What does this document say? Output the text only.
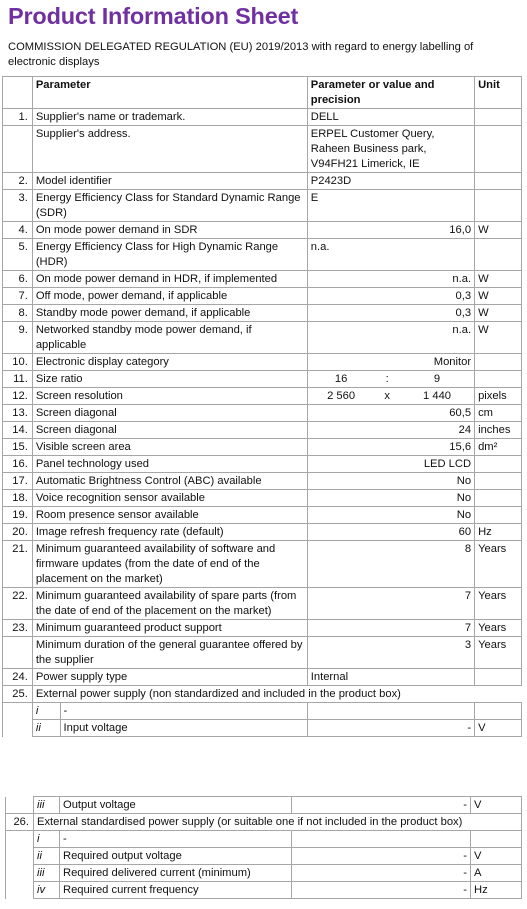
Product Information Sheet
COMMISSION DELEGATED REGULATION (EU) 2019/2013 with regard to energy labelling of electronic displays
	Parameter		Parameter or value and precision			Unit
1.	Supplier's name or trademark.		DELL			
	Supplier's address.		ERPEL Customer Query, Raheen Business park, V94FH21 Limerick, IE			
2.	Model identifier		P2423D			
3.	Energy Efficiency Class for Standard Dynamic Range (SDR)		E			
4.	On mode power demand in SDR		16,0			W
5.	Energy Efficiency Class for High Dynamic Range (HDR)		n.a.			
6.	On mode power demand in HDR, if implemented		n.a.			W
7.	Off mode, power demand, if applicable		0,3			W
8.	Standby mode power demand, if applicable		0,3			W
9.	Networked standby mode power demand, if applicable		n.a.			W
10.	Electronic display category		Monitor			
11.	Size ratio		16	:	9	
12.	Screen resolution		2 560	x	1 440	pixels
13.	Screen diagonal		60,5			cm
14.	Screen diagonal		24			inches
15.	Visible screen area		15,6			dm²
16.	Panel technology used		LED LCD			
17.	Automatic Brightness Control (ABC) available		No			
18.	Voice recognition sensor available		No			
19.	Room presence sensor available		No			
20.	Image refresh frequency rate (default)		60			Hz
21.	Minimum guaranteed availability of software and firmware updates (from the date of end of the placement on the market)		8			Years
22.	Minimum guaranteed availability of spare parts (from the date of end of the placement on the market)		7			Years
23.	Minimum guaranteed product support		7			Years
	Minimum duration of the general guarantee offered by the supplier		3			Years
24.	Power supply type		Internal			
25.	External power supply (non standardized and included in the product box)					
	i	-				
	ii	Input voltage	-			V
	iii	Output voltage	-	V
26.	External standardised power supply (or suitable one if not included in the product box)			
	i	-		
	ii	Required output voltage	-	V
	iii	Required delivered current (minimum)	-	A
	iv	Required current frequency	-	Hz
